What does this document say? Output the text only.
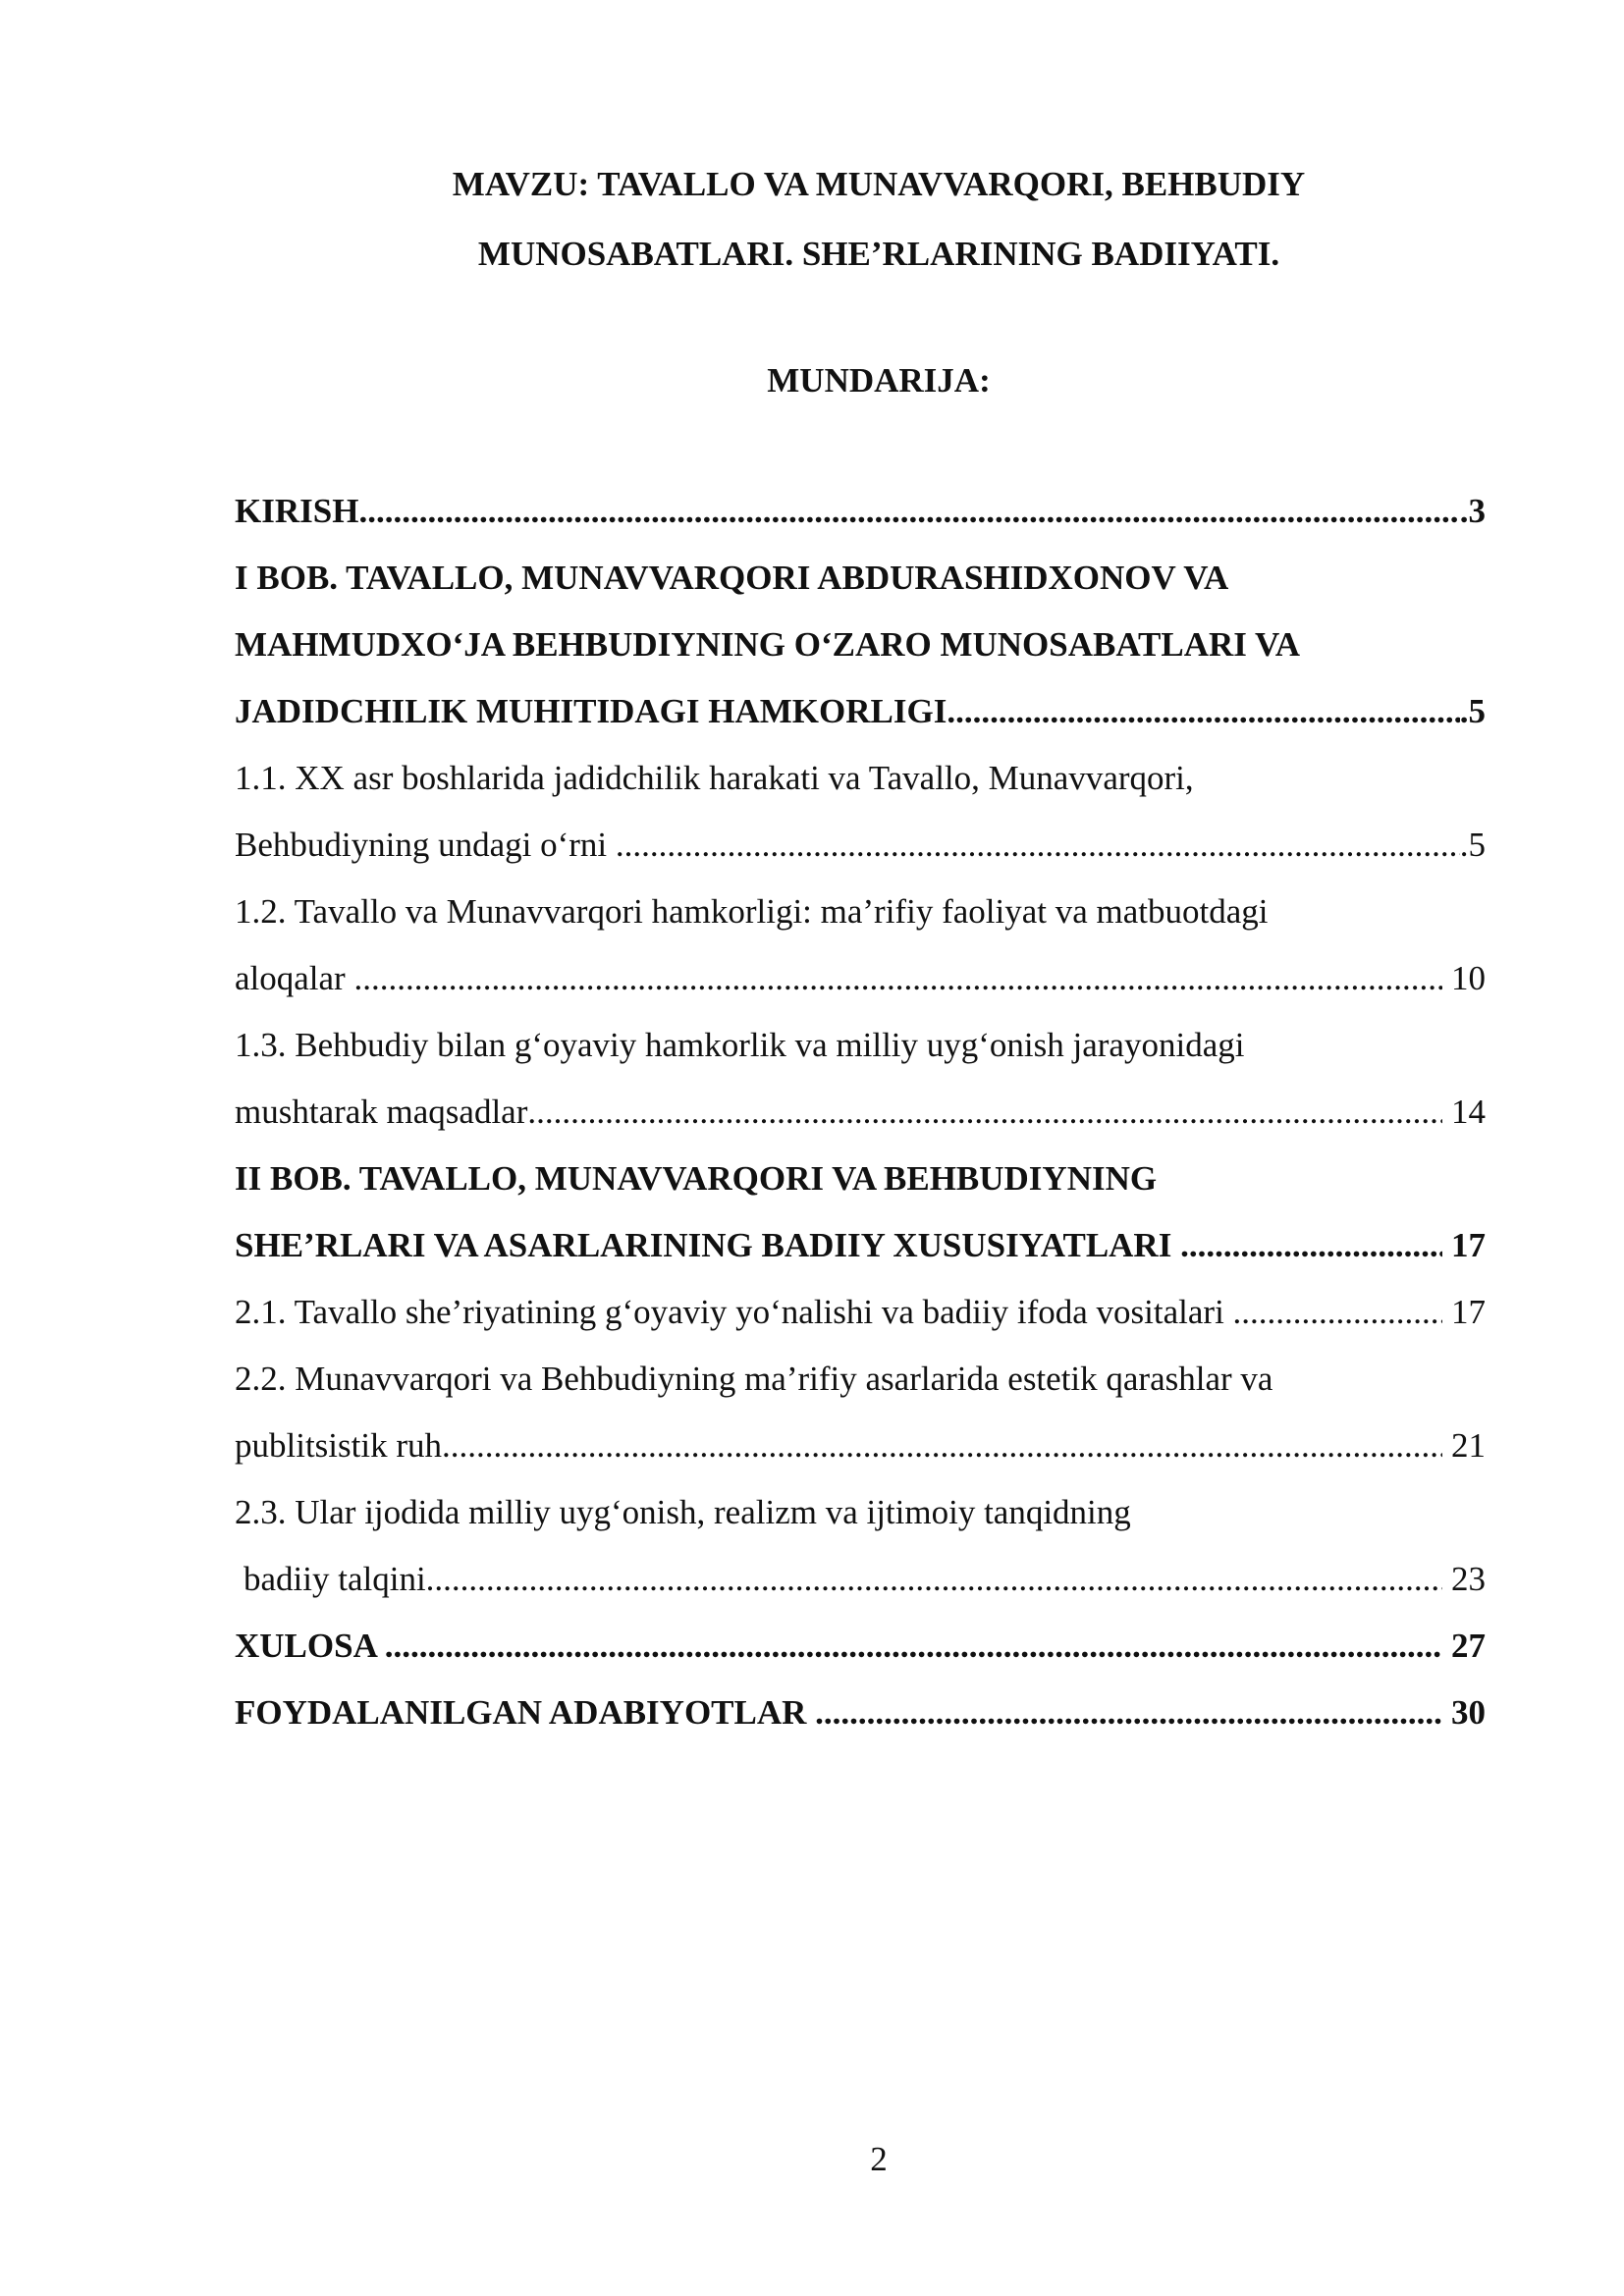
MAVZU: TAVALLO VA MUNAVVARQORI, BEHBUDIY
MUNOSABATLARI. SHE’RLARINING BADIIYATI.
MUNDARIJA:
KIRISH .....	.3
I BOB. TAVALLO, MUNAVVARQORI ABDURASHIDXONOV VA
MAHMUDXO‘JA BEHBUDIYNING O‘ZARO MUNOSABATLARI VA
JADIDCHILIK MUHITIDAGI HAMKORLIGI .....	.5
1.1. XX asr boshlarida jadidchilik harakati va Tavallo, Munavvarqori,
Behbudiyning undagi o‘rni .....	.5
1.2. Tavallo va Munavvarqori hamkorligi: ma’rifiy faoliyat va matbuotdagi
aloqalar .....	10
1.3. Behbudiy bilan g‘oyaviy hamkorlik va milliy uyg‘onish jarayonidagi
mushtarak maqsadlar .....	14
II BOB. TAVALLO, MUNAVVARQORI VA BEHBUDIYNING
SHE’RLARI VA ASARLARINING BADIIY XUSUSIYATLARI .....	17
2.1. Tavallo she’riyatining g‘oyaviy yo‘nalishi va badiiy ifoda vositalari .....	17
2.2. Munavvarqori va Behbudiyning ma’rifiy asarlarida estetik qarashlar va
publitsistik ruh .....	21
2.3. Ular ijodida milliy uyg‘onish, realizm va ijtimoiy tanqidning
badiiy talqini .....	23
XULOSA .....	27
FOYDALANILGAN ADABIYOTLAR .....	30
2
